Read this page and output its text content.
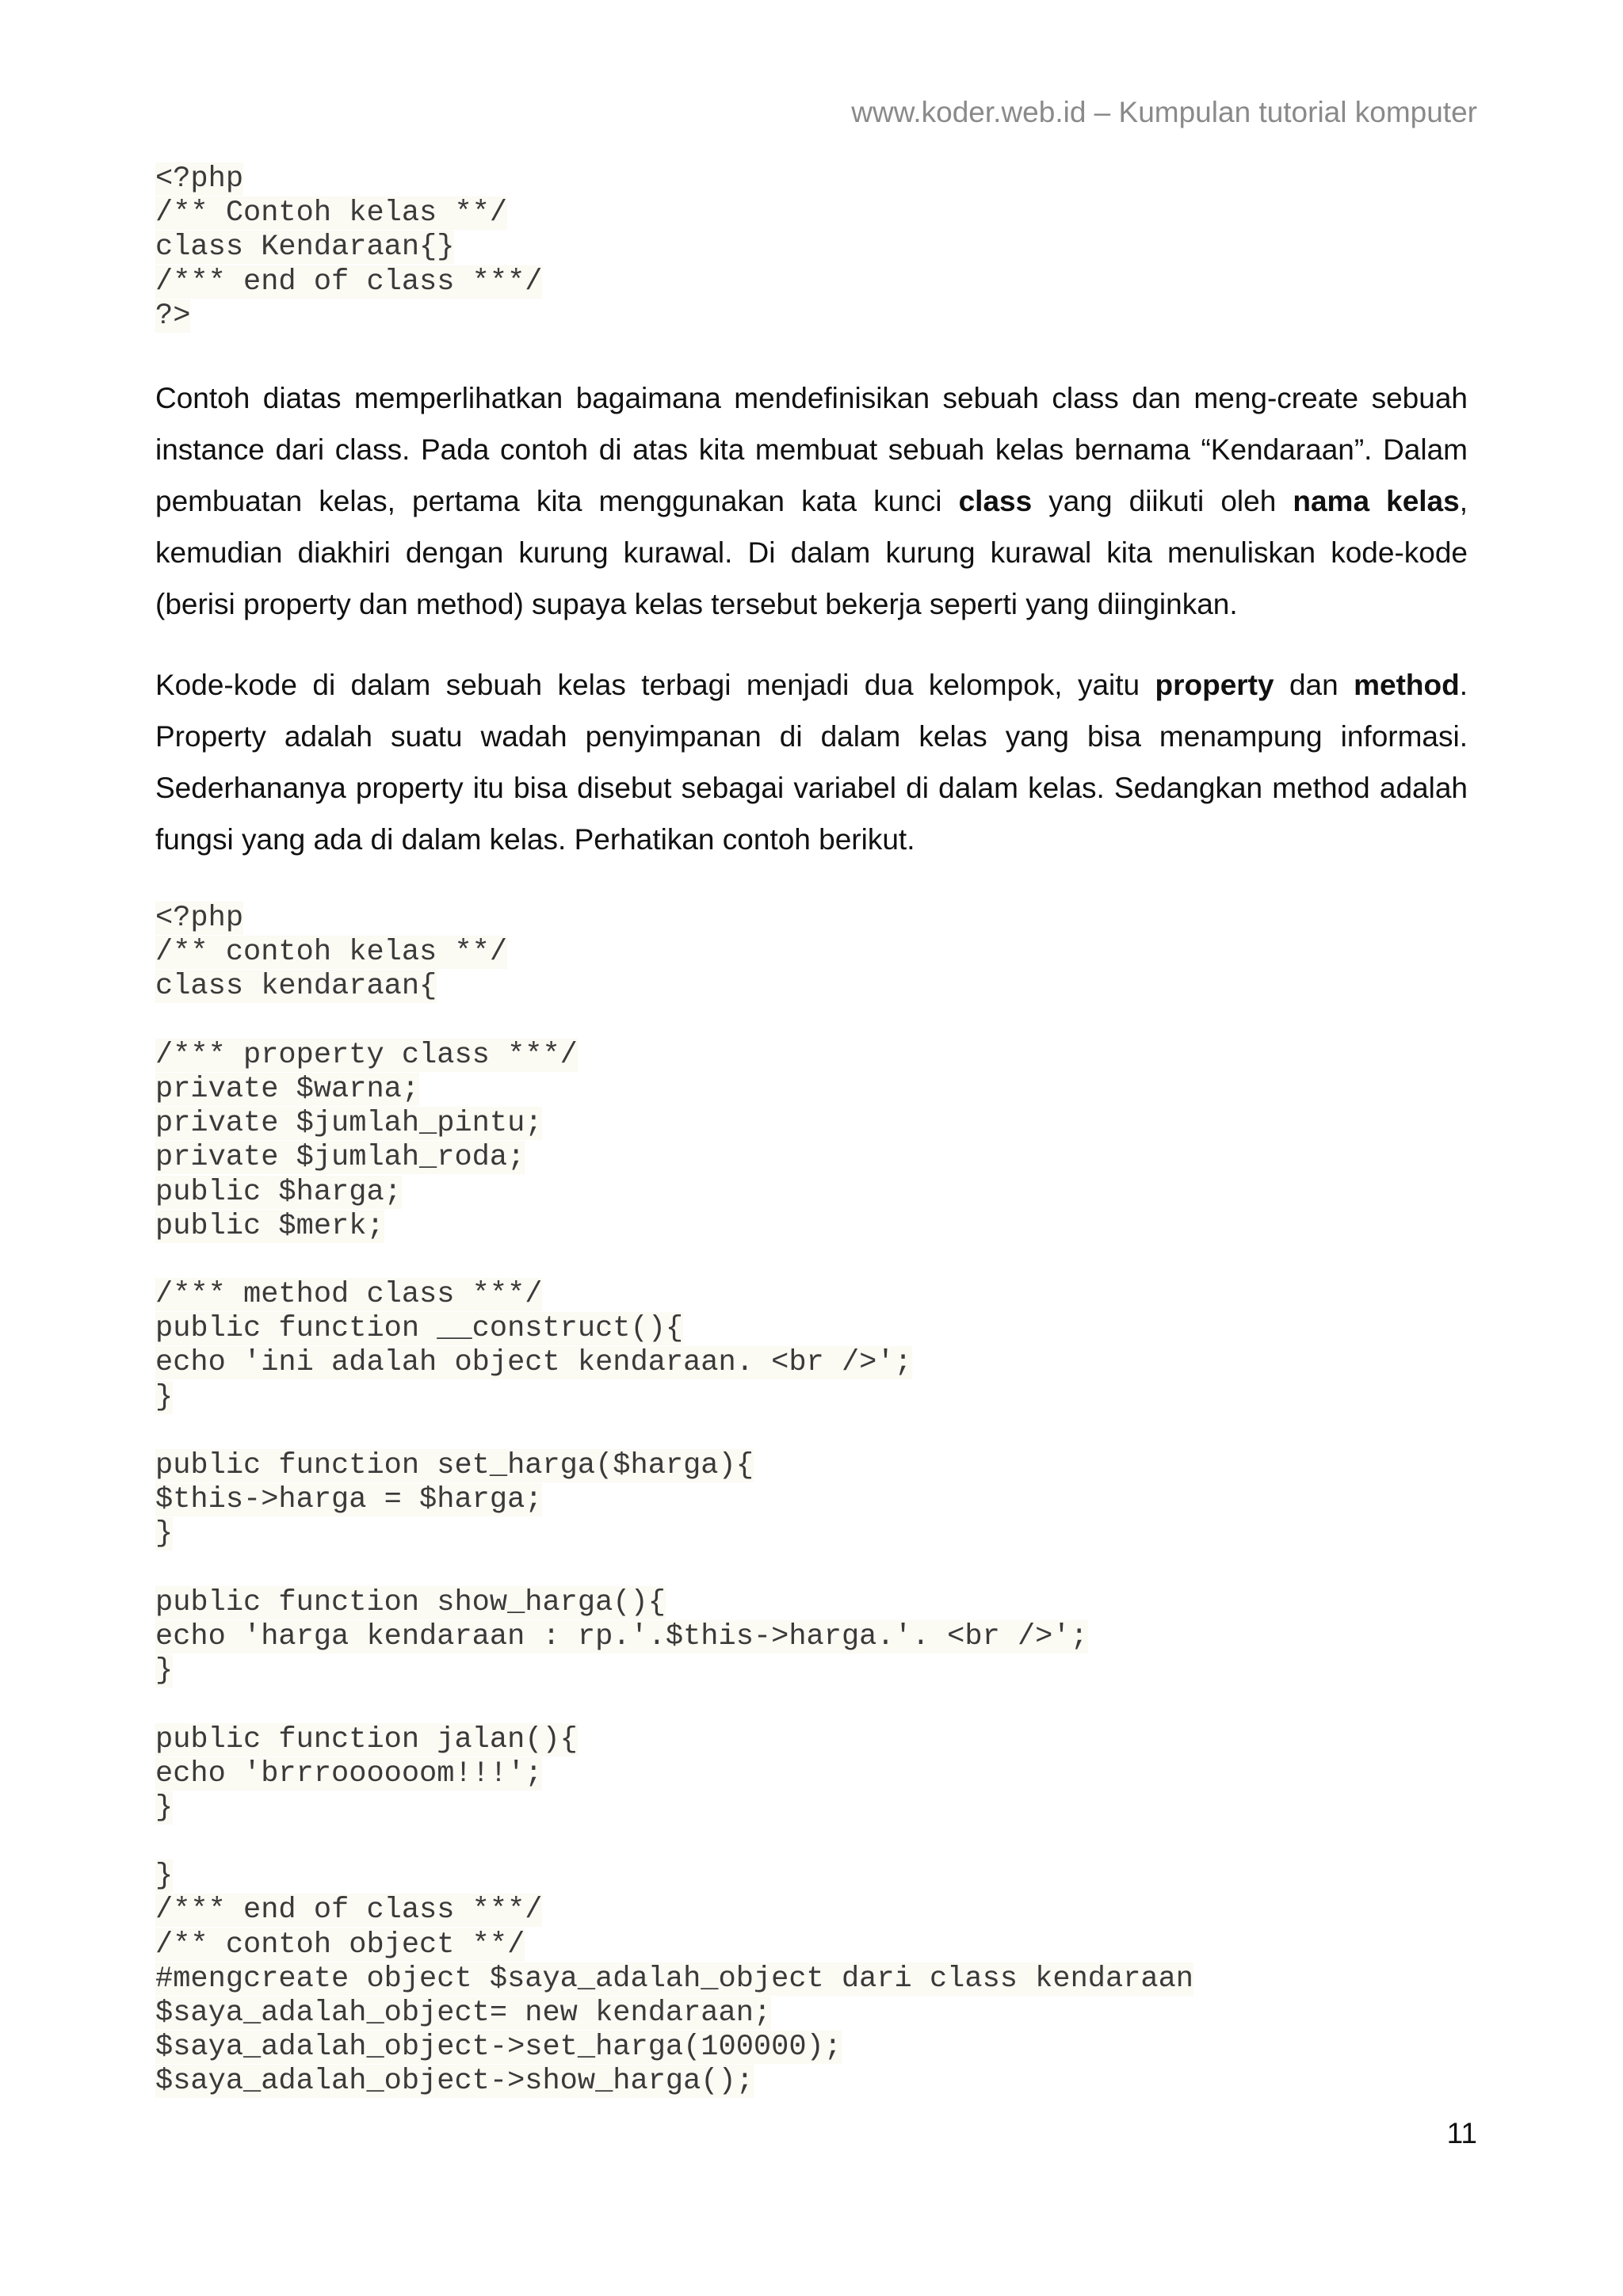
www.koder.web.id – Kumpulan tutorial komputer
<?php
/** Contoh kelas **/
class Kendaraan{}
/*** end of class ***/
?>

Contoh diatas memperlihatkan bagaimana mendefinisikan sebuah class dan meng-create sebuah instance dari class. Pada contoh di atas kita membuat sebuah kelas bernama “Kendaraan”. Dalam pembuatan kelas, pertama kita menggunakan kata kunci class yang diikuti oleh nama kelas, kemudian diakhiri dengan kurung kurawal. Di dalam kurung kurawal kita menuliskan kode-kode (berisi property dan method) supaya kelas tersebut bekerja seperti yang diinginkan.

Kode-kode di dalam sebuah kelas terbagi menjadi dua kelompok, yaitu property dan method. Property adalah suatu wadah penyimpanan di dalam kelas yang bisa menampung informasi. Sederhananya property itu bisa disebut sebagai variabel di dalam kelas. Sedangkan method adalah fungsi yang ada di dalam kelas. Perhatikan contoh berikut.

<?php
/** contoh kelas **/
class kendaraan{
/*** property class ***/
private $warna;
private $jumlah_pintu;
private $jumlah_roda;
public $harga;
public $merk;
/*** method class ***/
public function __construct(){
echo 'ini adalah object kendaraan. <br />';
}
public function set_harga($harga){
$this->harga = $harga;
}
public function show_harga(){
echo 'harga kendaraan : rp.'.$this->harga.'. <br />';
}
public function jalan(){
echo 'brrroooooom!!!';
}
}
/*** end of class ***/
/** contoh object **/
#mengcreate object $saya_adalah_object dari class kendaraan
$saya_adalah_object= new kendaraan;
$saya_adalah_object->set_harga(100000);
$saya_adalah_object->show_harga();
11
